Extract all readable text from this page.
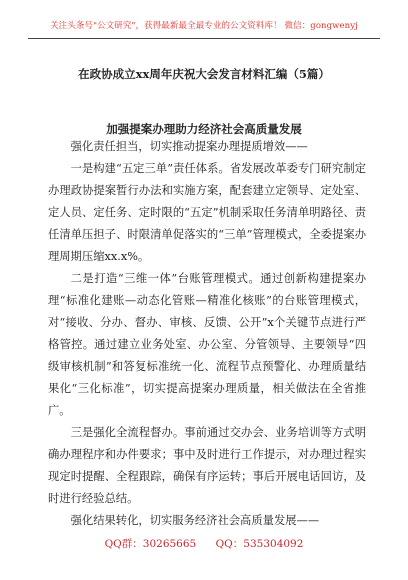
关注头条号"公文研究"，获得最新最全最专业的公文资料库！ 微信：gongwenyj
在政协成立xx周年庆祝大会发言材料汇编（5篇）
加强提案办理助力经济社会高质量发展

强化责任担当，切实推动提案办理提质增效——

一是构建“五定三单”责任体系。省发展改革委专门研究制定办理政协提案暂行办法和实施方案，配套建立定领导、定处室、定人员、定任务、定时限的“五定”机制采取任务清单明路径、责任清单压担子、时限清单促落实的“三单”管理模式，全委提案办理周期压缩xx.x%。

二是打造“三维一体”台账管理模式。通过创新构建提案办理“标准化建账—动态化管账—精准化核账”的台账管理模式，对“接收、分办、督办、审核、反馈、公开”x个关键节点进行严格管控。通过建立业务处室、办公室、分管领导、主要领导“四级审核机制”和答复标准统一化、流程节点预警化、办理质量结果化“三化标准”，切实提高提案办理质量，相关做法在全省推广。

三是强化全流程督办。事前通过交办会、业务培训等方式明确办理程序和办件要求；事中及时进行工作提示，对办理过程实现定时提醒、全程跟踪，确保有序运转；事后开展电话回访，及时进行经验总结。

强化结果转化，切实服务经济社会高质量发展——

QQ群：30265665 QQ：535304092
